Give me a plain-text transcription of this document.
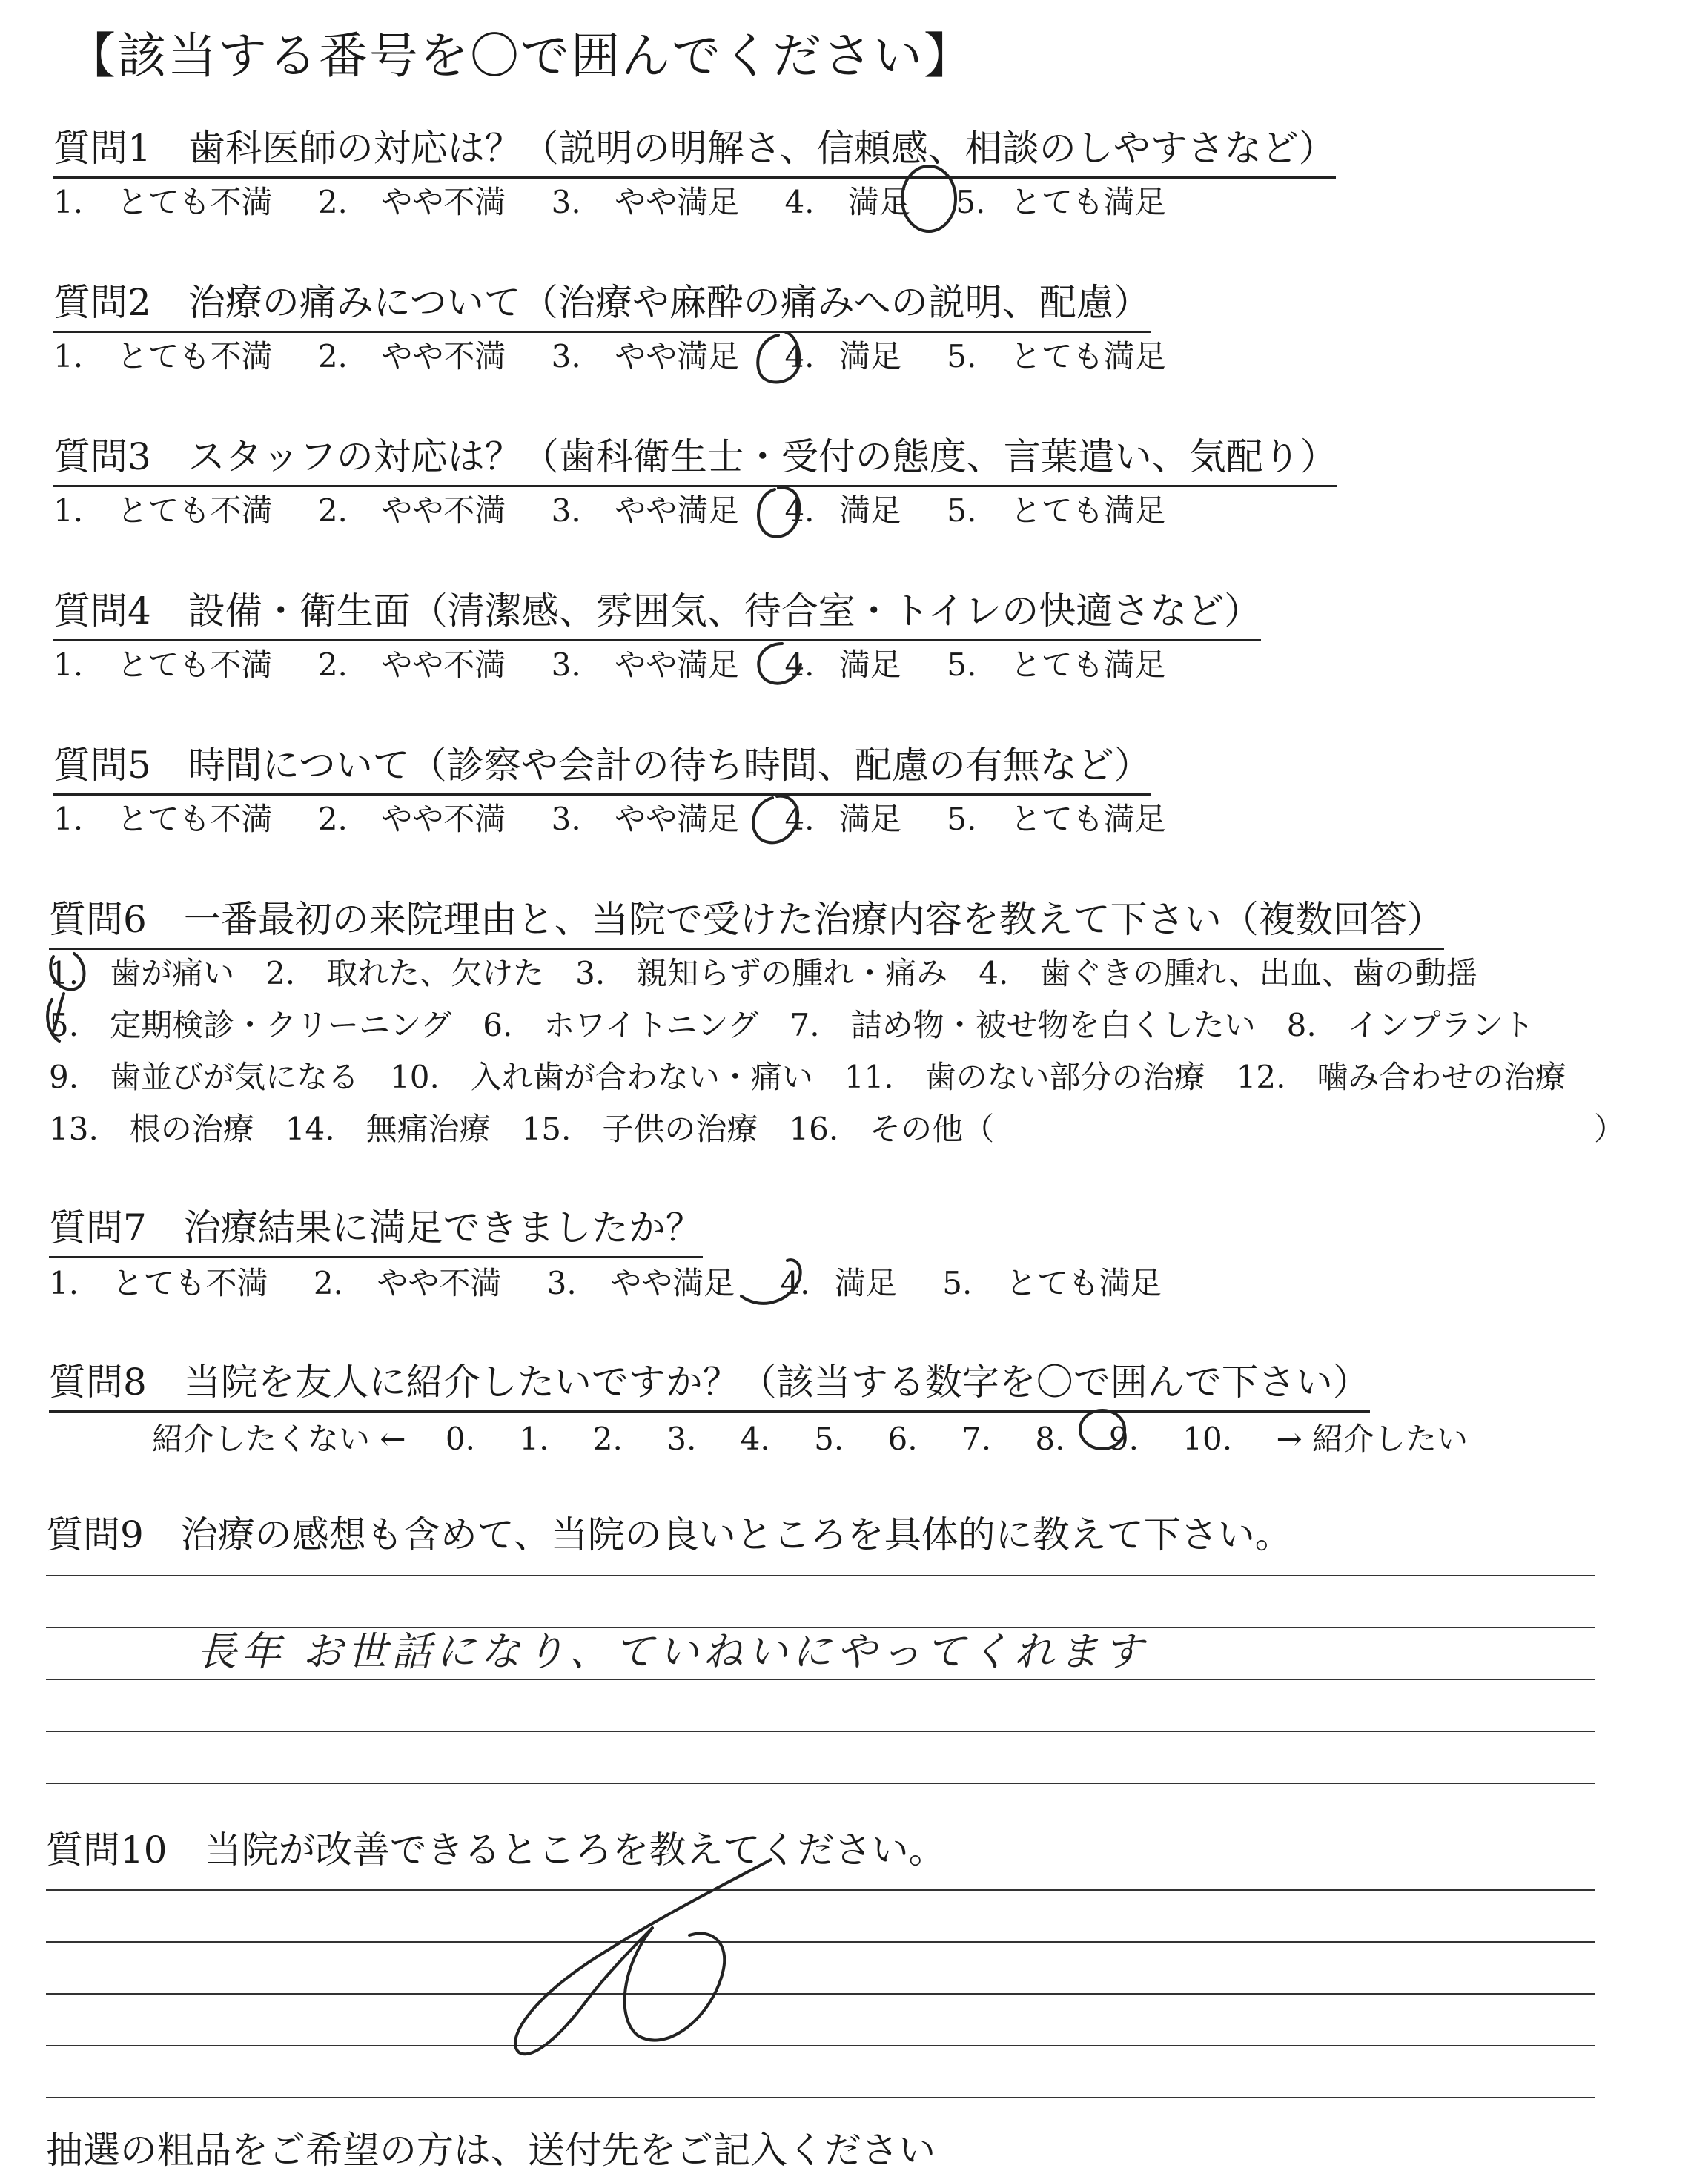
【該当する番号を〇で囲んでください】
質問1　歯科医師の対応は？（説明の明解さ、信頼感、相談のしやすさなど）
1. とても不満 2. やや不満 3. やや満足 4. 満足 5. とても満足
質問2　治療の痛みについて（治療や麻酔の痛みへの説明、配慮）
1. とても不満 2. やや不満 3. やや満足 4. 満足 5. とても満足
質問3　スタッフの対応は？（歯科衛生士・受付の態度、言葉遣い、気配り）
1. とても不満 2. やや不満 3. やや満足 4. 満足 5. とても満足
質問4　設備・衛生面（清潔感、雰囲気、待合室・トイレの快適さなど）
1. とても不満 2. やや不満 3. やや満足 4. 満足 5. とても満足
質問5　時間について（診察や会計の待ち時間、配慮の有無など）
1. とても不満 2. やや不満 3. やや満足 4. 満足 5. とても満足
質問6　一番最初の来院理由と、当院で受けた治療内容を教えて下さい（複数回答）
1.　歯が痛い　2.　取れた、欠けた　3.　親知らずの腫れ・痛み　4.　歯ぐきの腫れ、出血、歯の動揺
5.　定期検診・クリーニング　6.　ホワイトニング　7.　詰め物・被せ物を白くしたい　8.　インプラント
9.　歯並びが気になる　10.　入れ歯が合わない・痛い　11.　歯のない部分の治療　12.　噛み合わせの治療
13.　根の治療　14.　無痛治療　15.　子供の治療　16.　その他（	）
質問7　治療結果に満足できましたか？
1. とても不満 2. やや不満 3. やや満足 4. 満足 5. とても満足
質問8　当院を友人に紹介したいですか？（該当する数字を〇で囲んで下さい）
紹介したくない ← 0. 1. 2. 3. 4. 5. 6. 7. 8. 9. 10. → 紹介したい
質問9　治療の感想も含めて、当院の良いところを具体的に教えて下さい。
長年 お世話になり、ていねいにやってくれます
質問10　当院が改善できるところを教えてください。
抽選の粗品をご希望の方は、送付先をご記入ください
